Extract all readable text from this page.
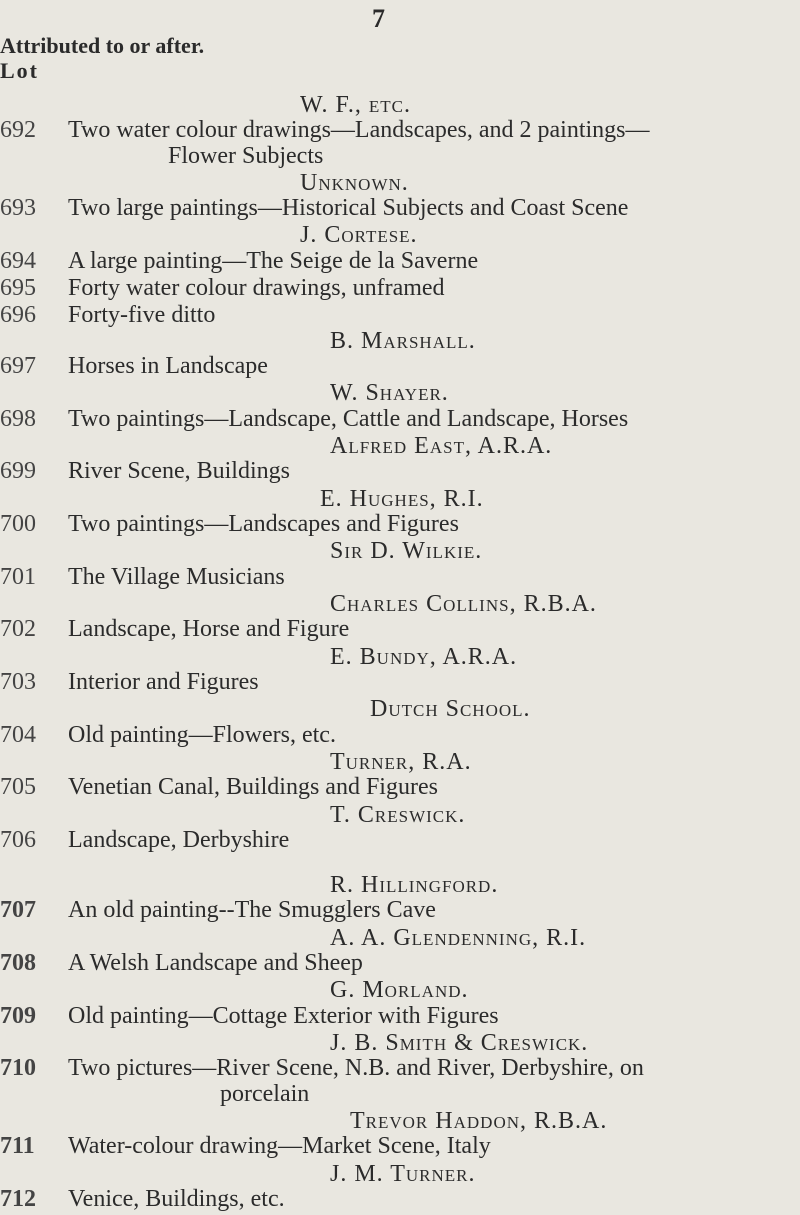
7
Attributed to or after.
Lot
W. F., etc.
692	Two water colour drawings—Landscapes, and 2 paintings—
Flower Subjects
Unknown.
693	Two large paintings—Historical Subjects and Coast Scene
J. Cortese.
694	A large painting—The Seige de la Saverne
695	Forty water colour drawings, unframed
696	Forty-five ditto
B. Marshall.
697	Horses in Landscape
W. Shayer.
698	Two paintings—Landscape, Cattle and Landscape, Horses
Alfred East, A.R.A.
699	River Scene, Buildings
E. Hughes, R.I.
700	Two paintings—Landscapes and Figures
Sir D. Wilkie.
701	The Village Musicians
Charles Collins, R.B.A.
702	Landscape, Horse and Figure
E. Bundy, A.R.A.
703	Interior and Figures
Dutch School.
704	Old painting—Flowers, etc.
Turner, R.A.
705	Venetian Canal, Buildings and Figures
T. Creswick.
706	Landscape, Derbyshire
R. Hillingford.
707	An old painting--The Smugglers Cave
A. A. Glendenning, R.I.
708	A Welsh Landscape and Sheep
G. Morland.
709	Old painting—Cottage Exterior with Figures
J. B. Smith & Creswick.
710	Two pictures—River Scene, N.B. and River, Derbyshire, on
porcelain
Trevor Haddon, R.B.A.
711	Water-colour drawing—Market Scene, Italy
J. M. Turner.
712	Venice, Buildings, etc.
